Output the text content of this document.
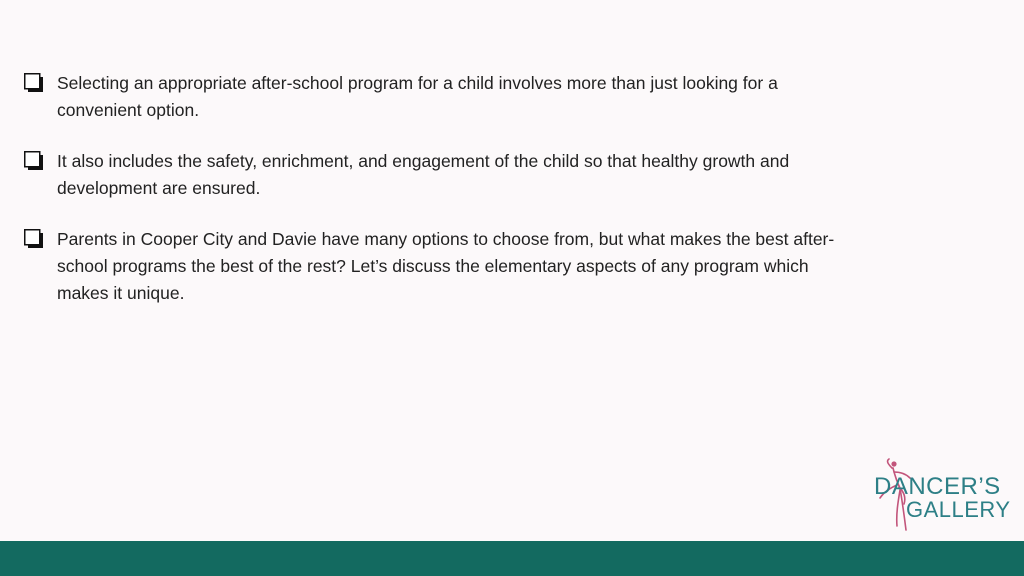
Selecting an appropriate after-school program for a child involves more than just looking for a convenient option.
It also includes the safety, enrichment, and engagement of the child so that healthy growth and development are ensured.
Parents in Cooper City and Davie have many options to choose from, but what makes the best after-school programs the best of the rest? Let’s discuss the elementary aspects of any program which makes it unique.
DANCER’S
GALLERY
